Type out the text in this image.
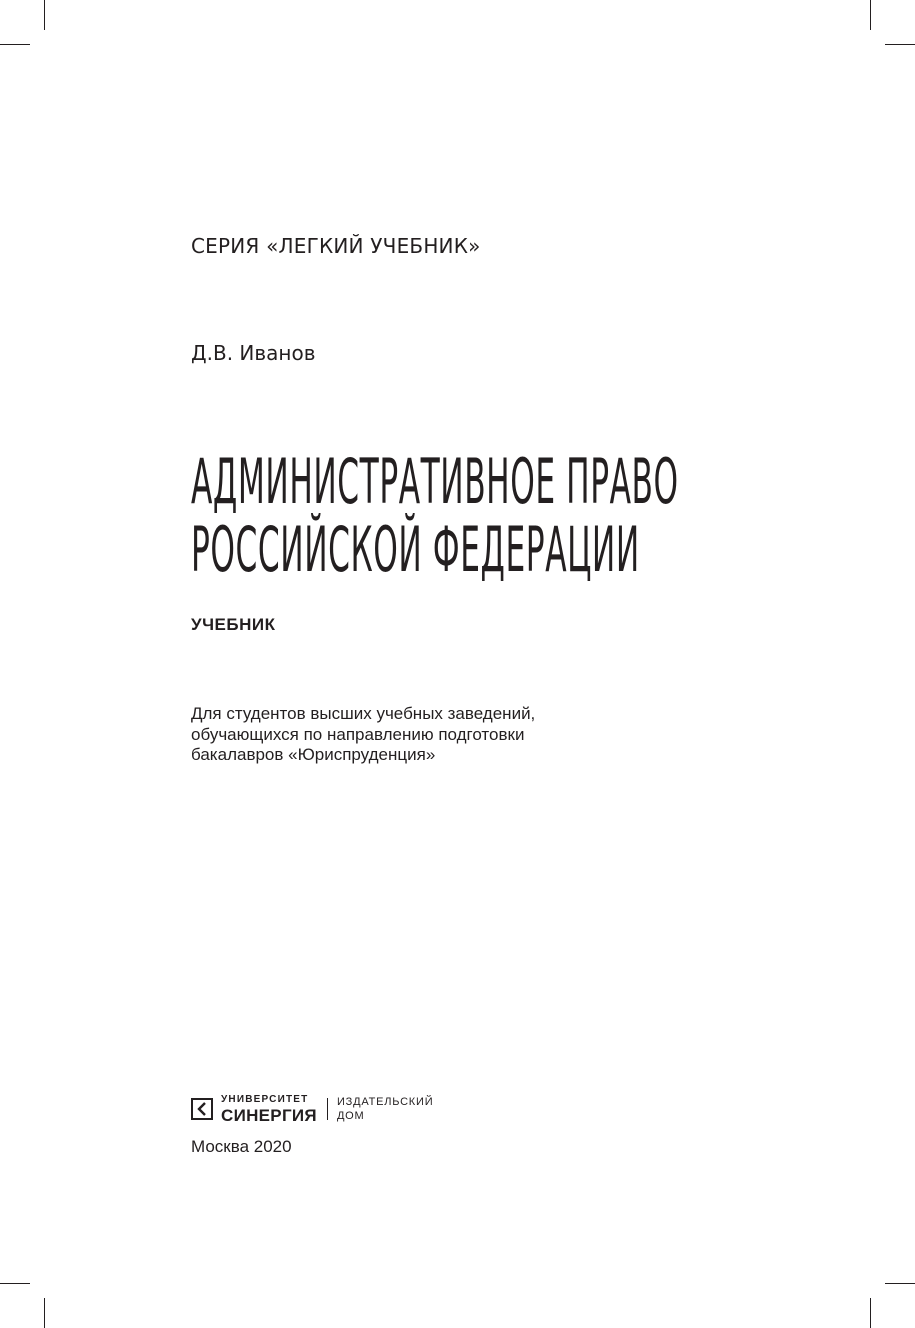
СЕРИЯ «ЛЕГКИЙ УЧЕБНИК»
Д.В. Иванов
АДМИНИСТРАТИВНОЕ ПРАВО
РОССИЙСКОЙ ФЕДЕРАЦИИ
УЧЕБНИК
Для студентов высших учебных заведений,
обучающихся по направлению подготовки
бакалавров «Юриспруденция»
УНИВЕРСИТЕТ
СИНЕРГИЯ
ИЗДАТЕЛЬСКИЙ
ДОМ
Москва 2020
